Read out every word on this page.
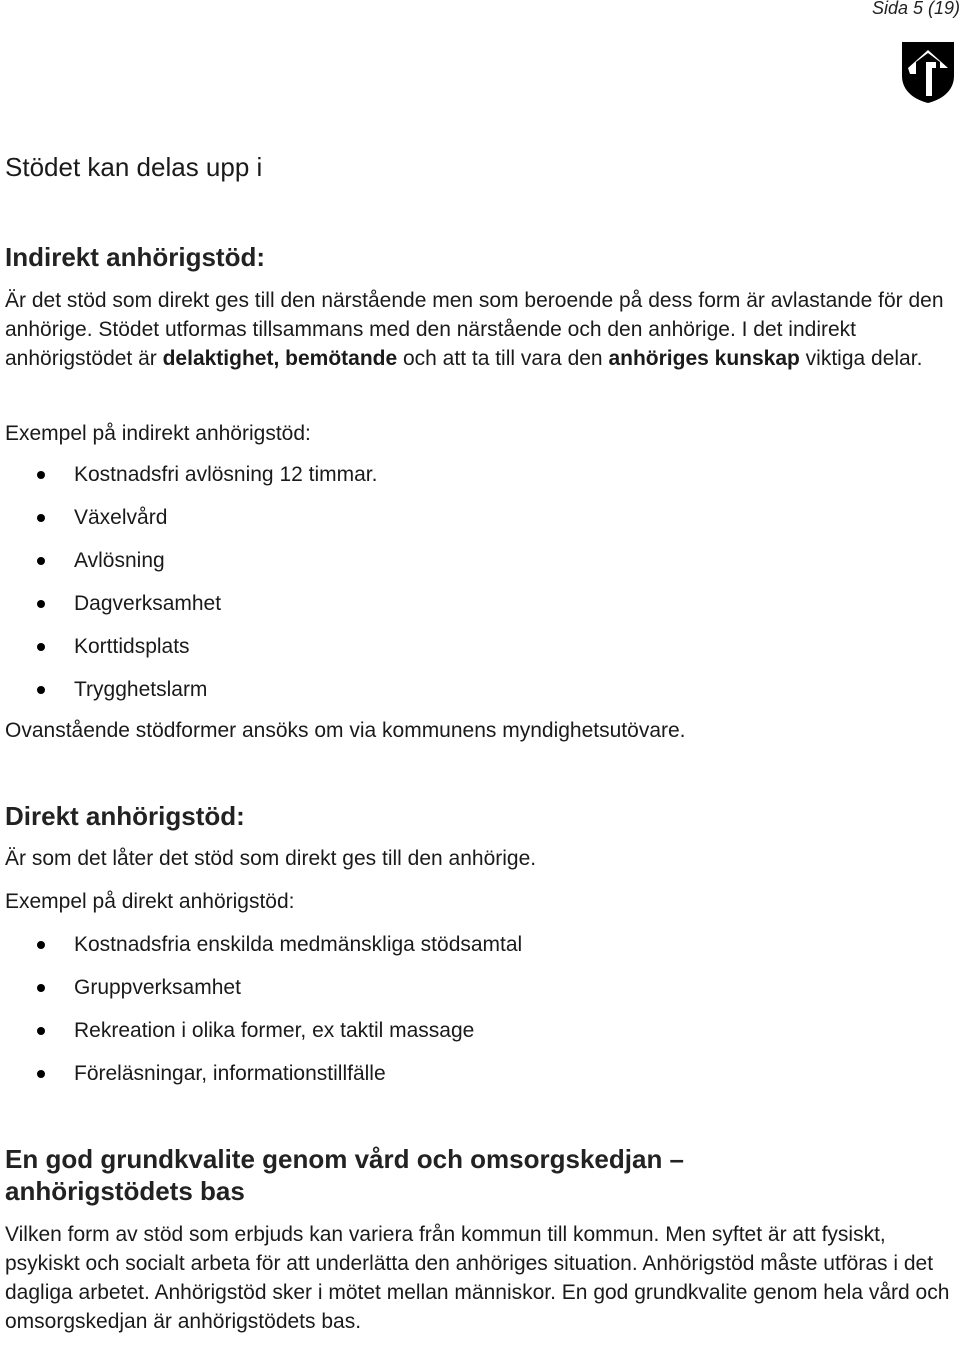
Sida 5 (19)

Stödet kan delas upp i

Indirekt anhörigstöd:

Är det stöd som direkt ges till den närstående men som beroende på dess form är avlastande för den anhörige. Stödet utformas tillsammans med den närstående och den anhörige. I det indirekt anhörigstödet är delaktighet, bemötande och att ta till vara den anhöriges kunskap viktiga delar.

Exempel på indirekt anhörigstöd:

Kostnadsfri avlösning 12 timmar.
Växelvård
Avlösning
Dagverksamhet
Korttidsplats
Trygghetslarm

Ovanstående stödformer ansöks om via kommunens myndighetsutövare.

Direkt anhörigstöd:

Är som det låter det stöd som direkt ges till den anhörige.

Exempel på direkt anhörigstöd:

Kostnadsfria enskilda medmänskliga stödsamtal
Gruppverksamhet
Rekreation i olika former, ex taktil massage
Föreläsningar, informationstillfälle
En god grundkvalite genom vård och omsorgskedjan – anhörigstödets bas

Vilken form av stöd som erbjuds kan variera från kommun till kommun. Men syftet är att fysiskt, psykiskt och socialt arbeta för att underlätta den anhöriges situation. Anhörigstöd måste utföras i det dagliga arbetet. Anhörigstöd sker i mötet mellan människor. En god grundkvalite genom hela vård och omsorgskedjan är anhörigstödets bas.
